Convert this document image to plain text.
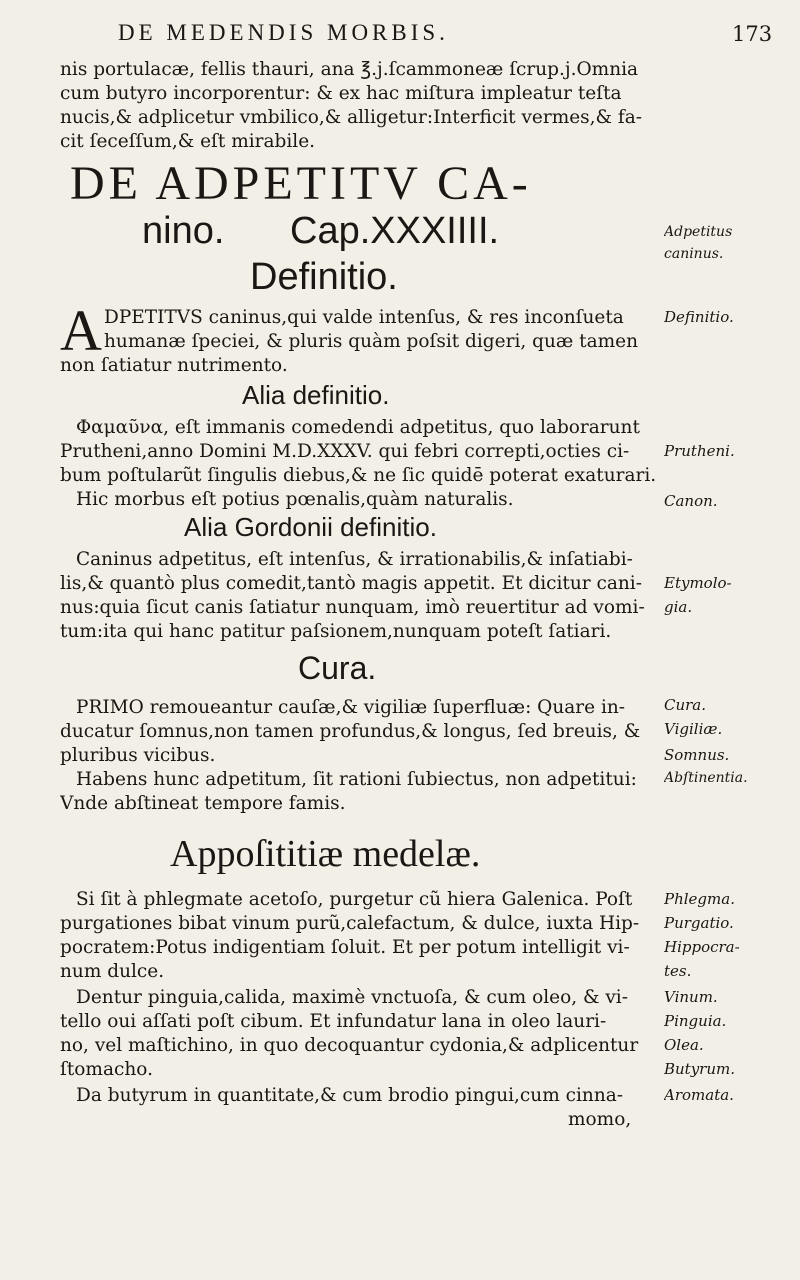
DE MEDENDIS MORBIS.	173
nis portulacæ, fellis thauri, ana ℥.j.ſcammoneæ ſcrup.j.Omnia
cum butyro incorporentur: & ex hac miſtura impleatur teſta
nucis,& adplicetur vmbilico,& alligetur:Interficit vermes,& fa-
cit ſeceſſum,& eſt mirabile.
DE ADPETITV CA-
nino. Cap.XXXIIII.
Definitio.
A DPETITVS caninus,qui valde intenſus, & res inconſueta
humanæ ſpeciei, & pluris quàm poſsit digeri, quæ tamen
non ſatiatur nutrimento.
Alia definitio.
Φαμαῦνα, eſt immanis comedendi adpetitus, quo laborarunt
Prutheni,anno Domini M.D.XXXV. qui febri correpti,octies ci-
bum poſtularũt ſingulis diebus,& ne ſic quidē poterat exaturari.
Hic morbus eſt potius pœnalis,quàm naturalis.
Alia Gordonii definitio.
Caninus adpetitus, eſt intenſus, & irrationabilis,& inſatiabi-
lis,& quantò plus comedit,tantò magis appetit. Et dicitur cani-
nus:quia ſicut canis ſatiatur nunquam, imò reuertitur ad vomi-
tum:ita qui hanc patitur paſsionem,nunquam poteſt ſatiari.
Cura.
PRIMO remoueantur cauſæ,& vigiliæ ſuperfluæ: Quare in-
ducatur ſomnus,non tamen profundus,& longus, ſed breuis, &
pluribus vicibus.
Habens hunc adpetitum, ſit rationi ſubiectus, non adpetitui:
Vnde abſtineat tempore famis.
Appoſititiæ medelæ.
Si ſit à phlegmate acetoſo, purgetur cũ hiera Galenica. Poſt
purgationes bibat vinum purũ,calefactum, & dulce, iuxta Hip-
pocratem:Potus indigentiam ſoluit. Et per potum intelligit vi-
num dulce.
Dentur pinguia,calida, maximè vnctuoſa, & cum oleo, & vi-
tello oui aſſati poſt cibum. Et infundatur lana in oleo lauri-
no, vel maſtichino, in quo decoquantur cydonia,& adplicentur
ſtomacho.
Da butyrum in quantitate,& cum brodio pingui,cum cinna-
momo,
Adpetitus
caninus.
Definitio.
Prutheni.
Canon.
Etymolo-
gia.
Cura.
Vigiliæ.
Somnus.
Abſtinentia.
Phlegma.
Purgatio.
Hippocra-
tes.
Vinum.
Pinguia.
Olea.
Butyrum.
Aromata.
